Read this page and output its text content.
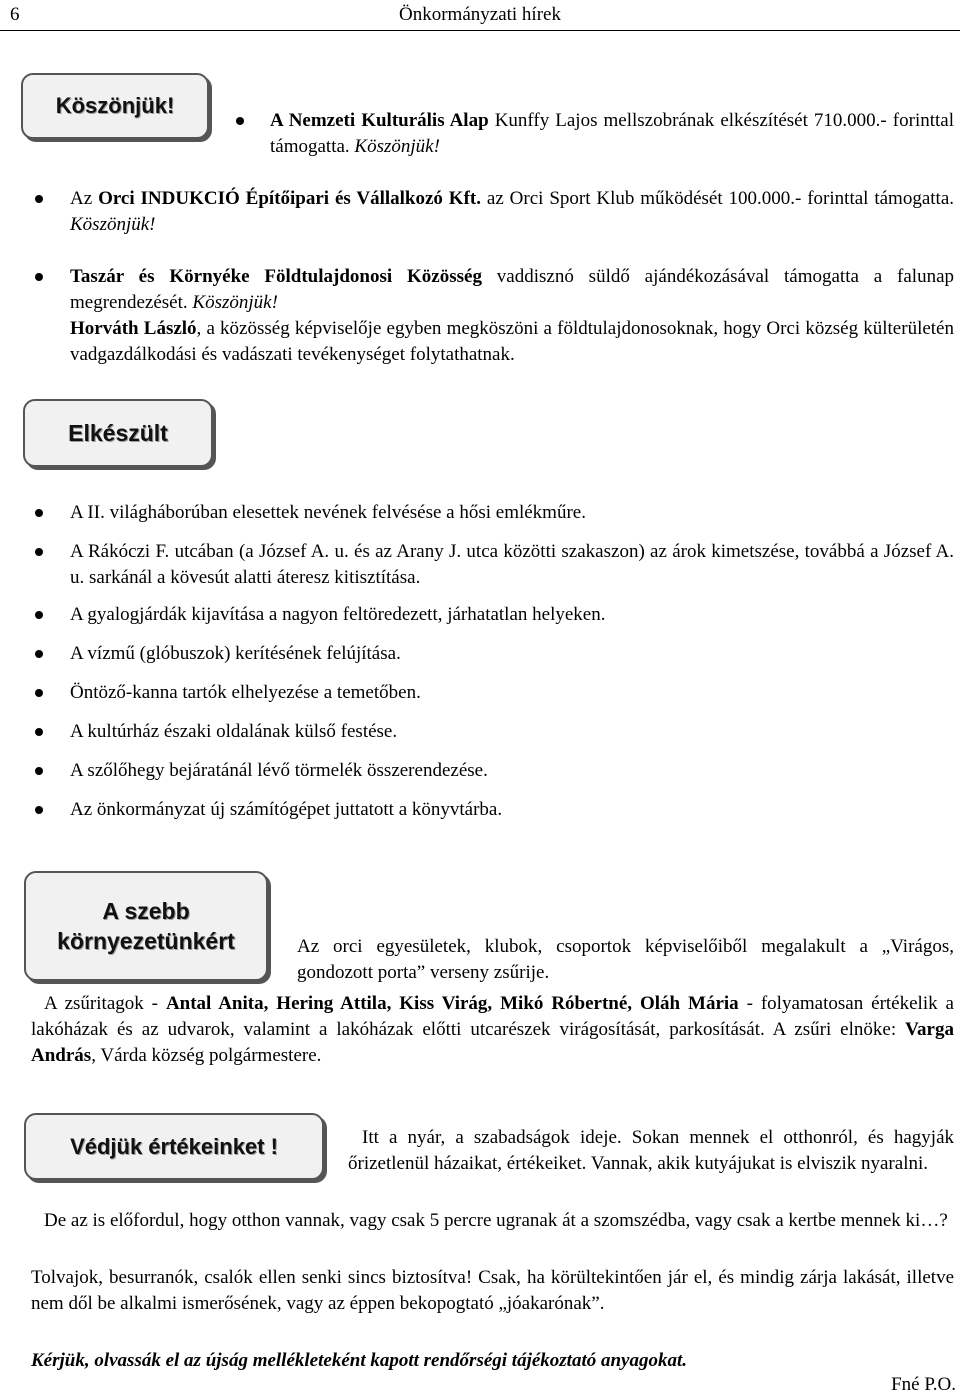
6	Önkormányzati hírek
Köszönjük!
A Nemzeti Kulturális Alap Kunffy Lajos mellszobrának elkészítését 710.000.- forinttal támogatta. Köszönjük!
Az Orci INDUKCIÓ Építőipari és Vállalkozó Kft. az Orci Sport Klub működését 100.000.- forinttal támogatta. Köszönjük!
Taszár és Környéke Földtulajdonosi Közösség vaddisznó süldő ajándékozásával támogatta a falunap megrendezését. Köszönjük!
Horváth László, a közösség képviselője egyben megköszöni a földtulajdonosoknak, hogy Orci község külterületén vadgazdálkodási és vadászati tevékenységet folytathatnak.
Elkészült
A II. világháborúban elesettek nevének felvésése a hősi emlékműre.
A Rákóczi F. utcában (a József A. u. és az Arany J. utca közötti szakaszon) az árok kimetszése, továbbá a József A. u. sarkánál a kövesút alatti áteresz kitisztítása.
A gyalogjárdák kijavítása a nagyon feltöredezett, járhatatlan helyeken.
A vízmű (glóbuszok) kerítésének felújítása.
Öntöző-kanna tartók elhelyezése a temetőben.
A kultúrház északi oldalának külső festése.
A szőlőhegy bejáratánál lévő törmelék összerendezése.
Az önkormányzat új számítógépet juttatott a könyvtárba.
A szebb
környezetünkért	Az orci egyesületek, klubok, csoportok képviselőiből megalakult a „Virágos, gondozott porta” verseny zsűrije.
A zsűritagok - Antal Anita, Hering Attila, Kiss Virág, Mikó Róbertné, Oláh Mária - folyamatosan értékelik a lakóházak és az udvarok, valamint a lakóházak előtti utcarészek virágosítását, parkosítását. A zsűri elnöke: Varga András, Várda község polgármestere.
Védjük értékeinket !	Itt a nyár, a szabadságok ideje. Sokan mennek el otthonról, és hagyják őrizetlenül házaikat, értékeiket. Vannak, akik kutyájukat is elviszik nyaralni.
De az is előfordul, hogy otthon vannak, vagy csak 5 percre ugranak át a szomszédba, vagy csak a kertbe mennek ki…?
Tolvajok, besurranók, csalók ellen senki sincs biztosítva! Csak, ha körültekintően jár el, és mindig zárja lakását, illetve nem dől be alkalmi ismerősének, vagy az éppen bekopogtató „jóakarónak”.
Kérjük, olvassák el az újság mellékleteként kapott rendőrségi tájékoztató anyagokat.
Fné P.O.
